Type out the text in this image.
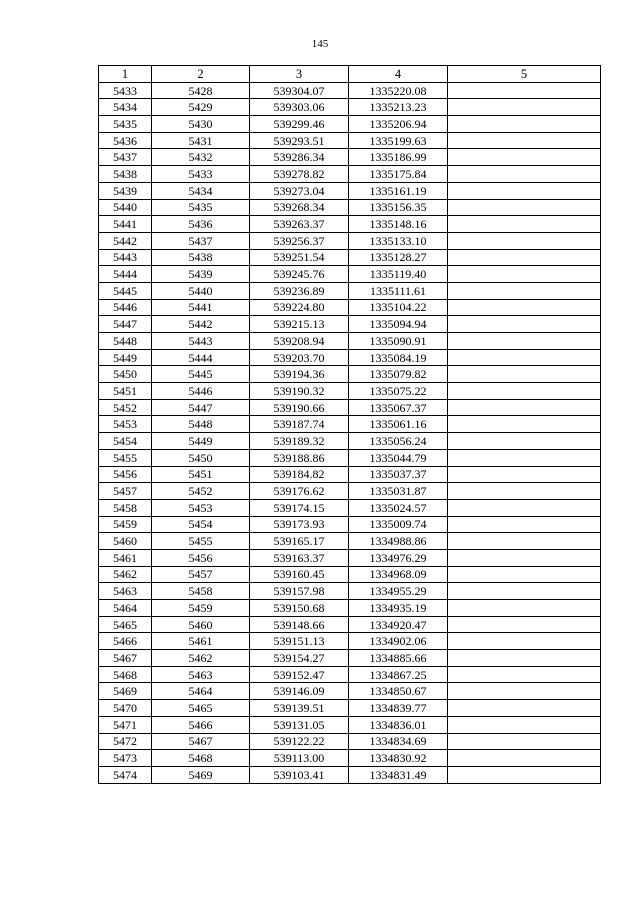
145
1	2	3	4	5
5433	5428	539304.07	1335220.08	
5434	5429	539303.06	1335213.23	
5435	5430	539299.46	1335206.94	
5436	5431	539293.51	1335199.63	
5437	5432	539286.34	1335186.99	
5438	5433	539278.82	1335175.84	
5439	5434	539273.04	1335161.19	
5440	5435	539268.34	1335156.35	
5441	5436	539263.37	1335148.16	
5442	5437	539256.37	1335133.10	
5443	5438	539251.54	1335128.27	
5444	5439	539245.76	1335119.40	
5445	5440	539236.89	1335111.61	
5446	5441	539224.80	1335104.22	
5447	5442	539215.13	1335094.94	
5448	5443	539208.94	1335090.91	
5449	5444	539203.70	1335084.19	
5450	5445	539194.36	1335079.82	
5451	5446	539190.32	1335075.22	
5452	5447	539190.66	1335067.37	
5453	5448	539187.74	1335061.16	
5454	5449	539189.32	1335056.24	
5455	5450	539188.86	1335044.79	
5456	5451	539184.82	1335037.37	
5457	5452	539176.62	1335031.87	
5458	5453	539174.15	1335024.57	
5459	5454	539173.93	1335009.74	
5460	5455	539165.17	1334988.86	
5461	5456	539163.37	1334976.29	
5462	5457	539160.45	1334968.09	
5463	5458	539157.98	1334955.29	
5464	5459	539150.68	1334935.19	
5465	5460	539148.66	1334920.47	
5466	5461	539151.13	1334902.06	
5467	5462	539154.27	1334885.66	
5468	5463	539152.47	1334867.25	
5469	5464	539146.09	1334850.67	
5470	5465	539139.51	1334839.77	
5471	5466	539131.05	1334836.01	
5472	5467	539122.22	1334834.69	
5473	5468	539113.00	1334830.92	
5474	5469	539103.41	1334831.49	
